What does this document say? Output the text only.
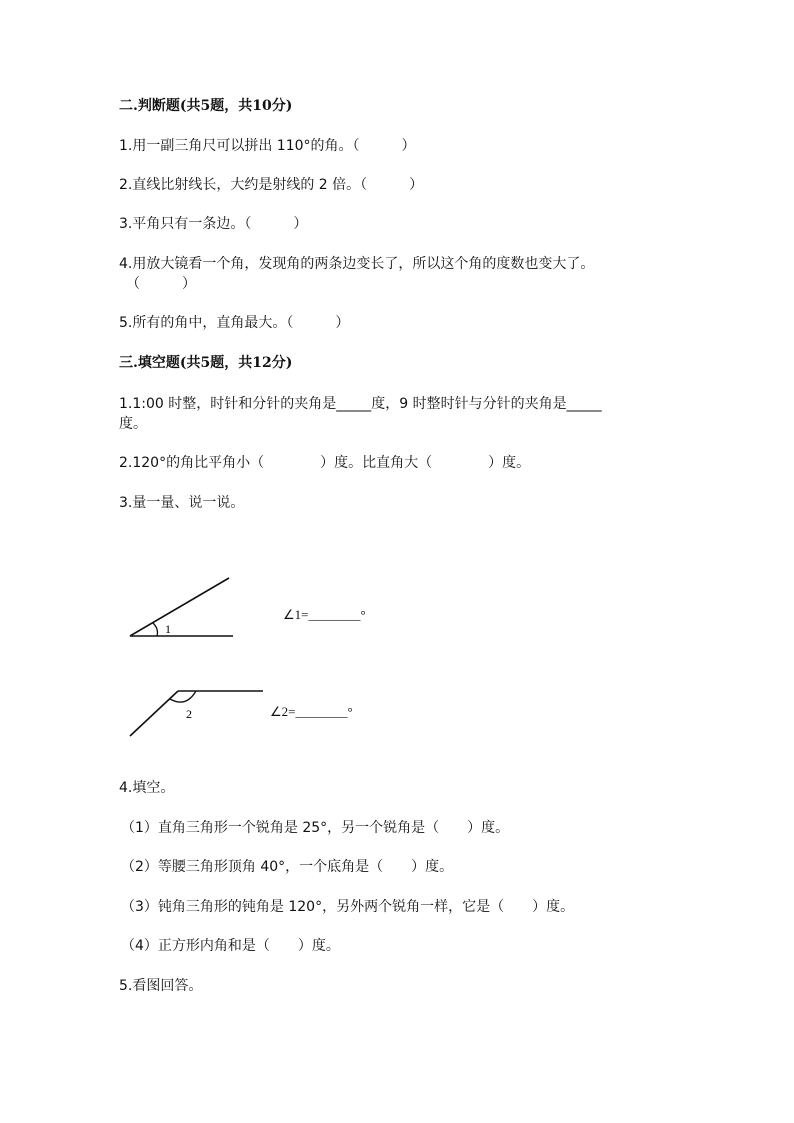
二.判断题(共5题，共10分)
1.用一副三角尺可以拼出 110°的角。（　　　）
2.直线比射线长，大约是射线的 2 倍。（　　　）
3.平角只有一条边。（　　　）
4.用放大镜看一个角，发现角的两条边变长了，所以这个角的度数也变大了。
（　　　）
5.所有的角中，直角最大。（　　　）
三.填空题(共5题，共12分)
1.1:00 时整，时针和分针的夹角是_____度，9 时整时针与分针的夹角是_____
度。
2.120°的角比平角小（　　　　）度。比直角大（　　　　）度。
3.量一量、说一说。
1
2
∠1=________°
∠2=________°
4.填空。
（1）直角三角形一个锐角是 25°，另一个锐角是（　　）度。
（2）等腰三角形顶角 40°，一个底角是（　　）度。
（3）钝角三角形的钝角是 120°，另外两个锐角一样，它是（　　）度。
（4）正方形内角和是（　　）度。
5.看图回答。
